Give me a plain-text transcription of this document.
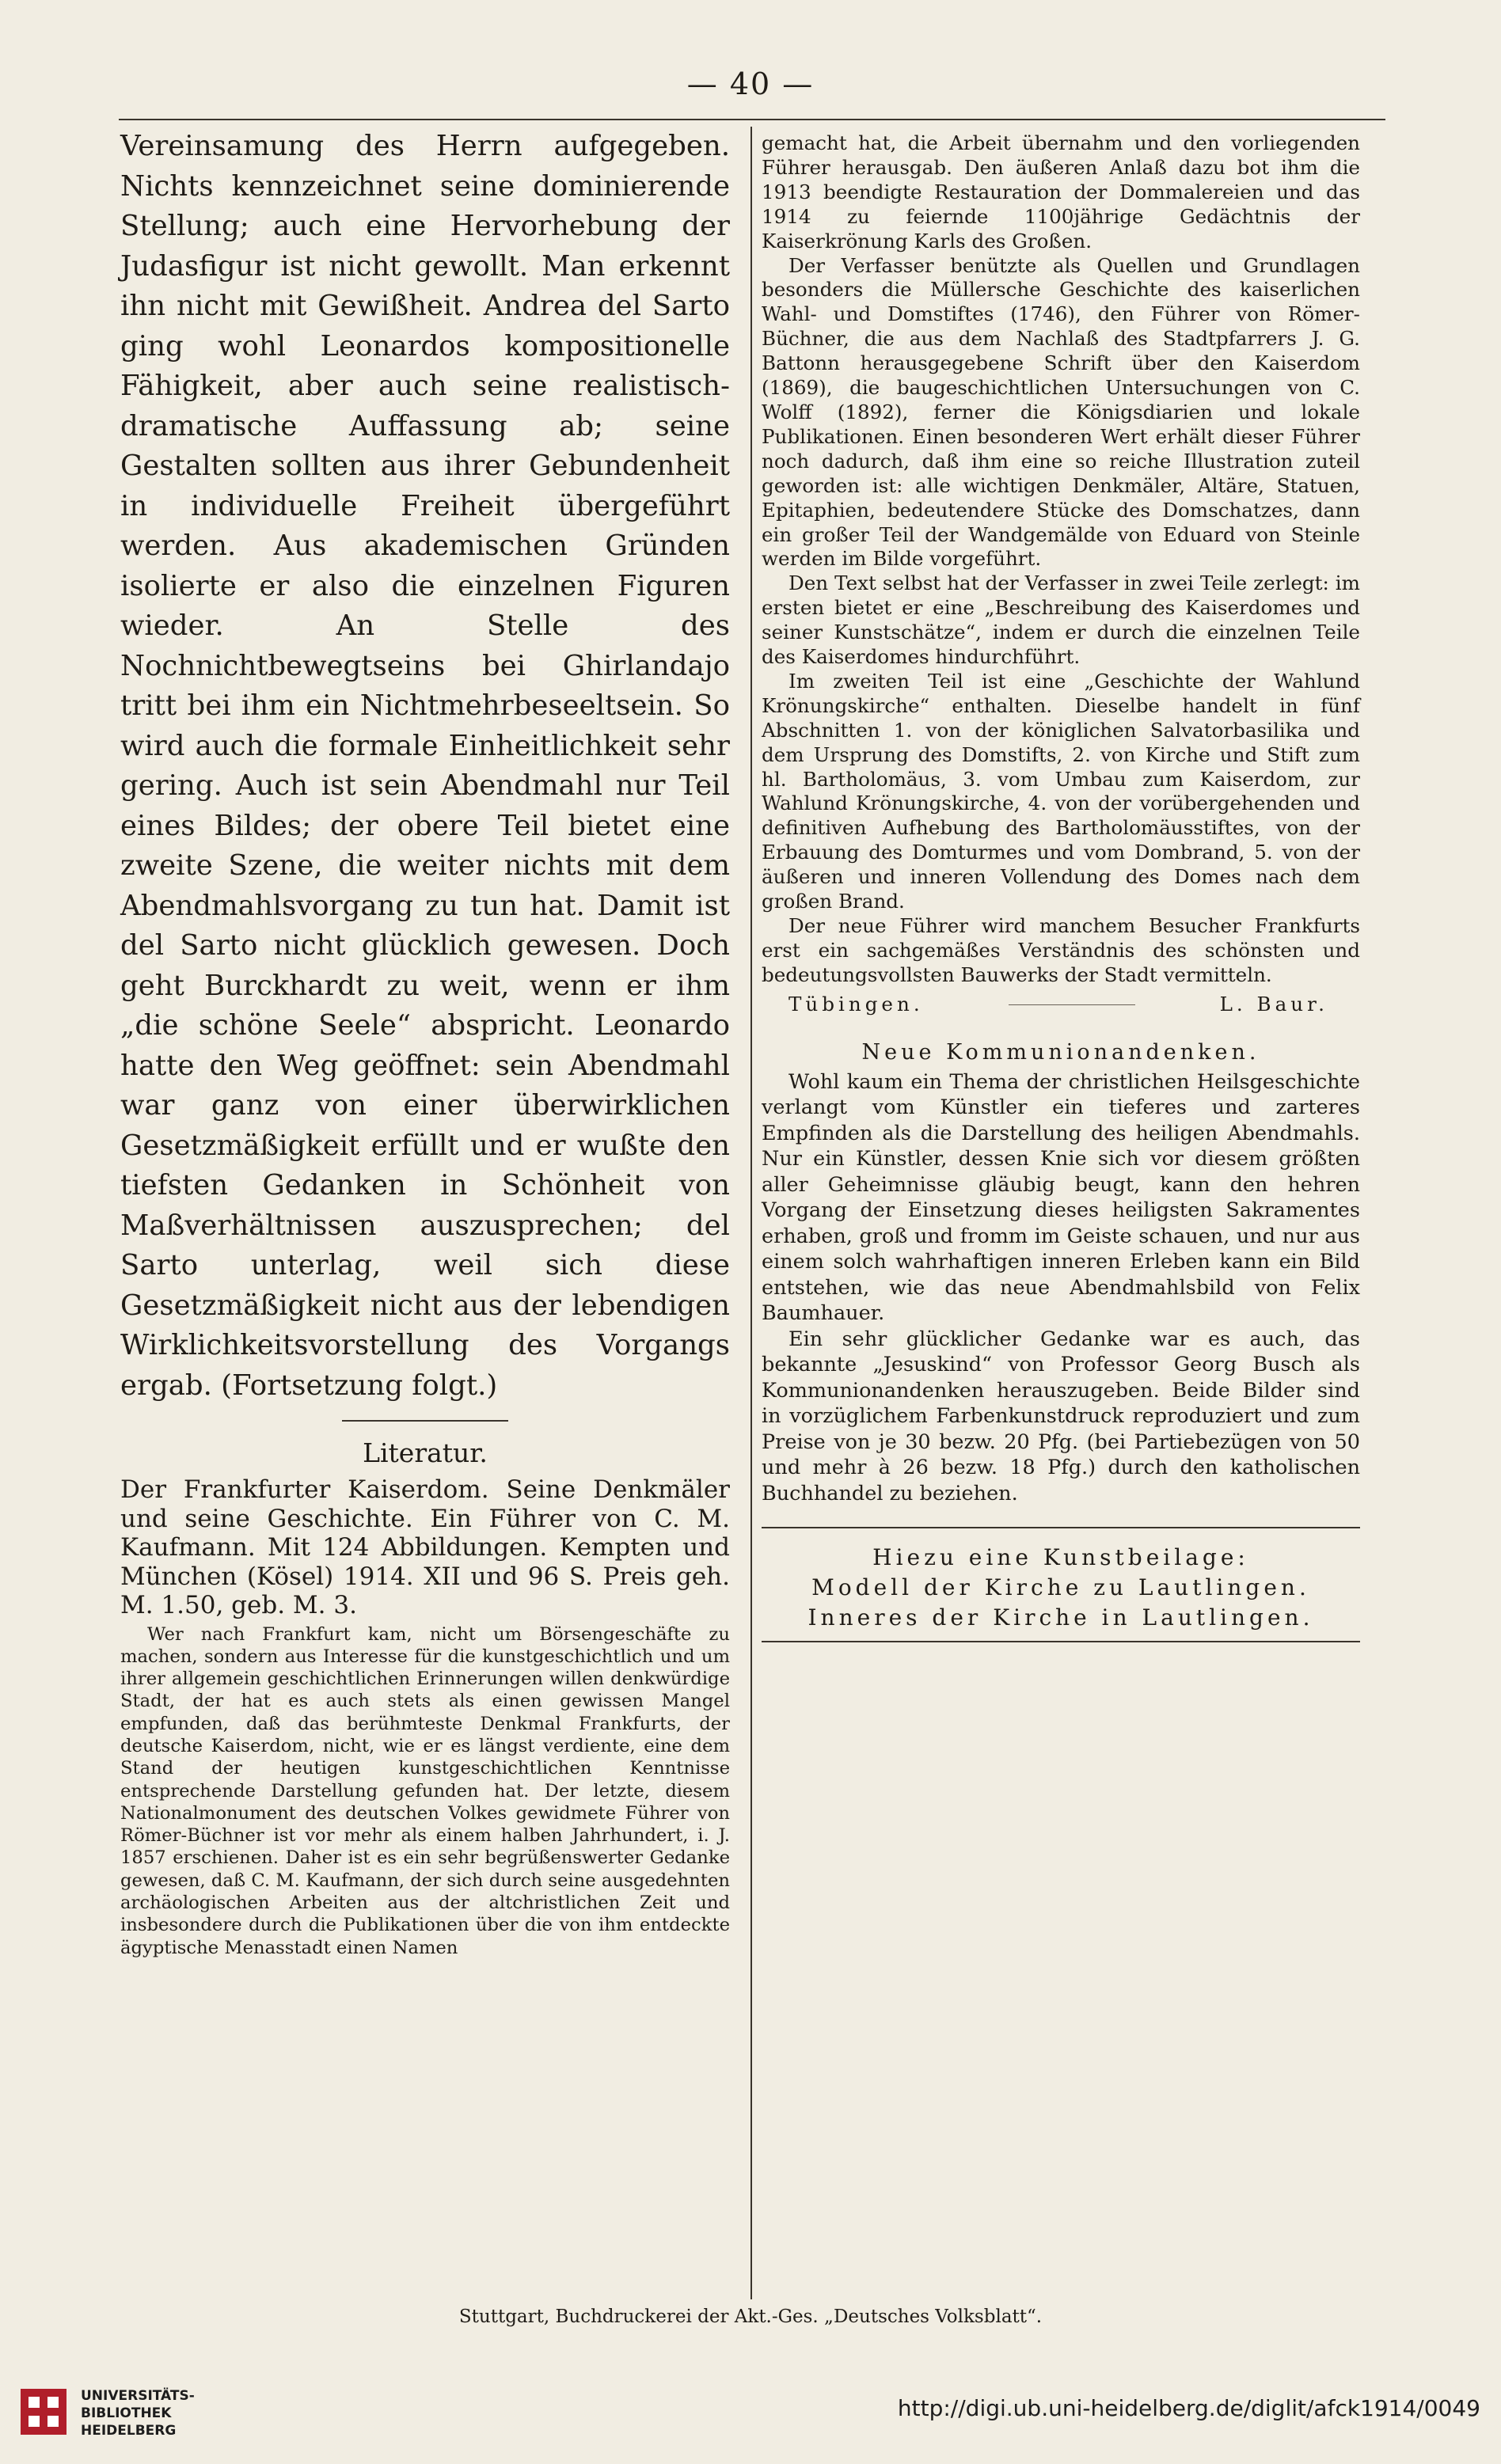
— 40 —

Vereinsamung des Herrn aufgegeben. Nichts kennzeichnet seine dominierende Stellung; auch eine Hervorhebung der Judasfigur ist nicht gewollt. Man erkennt ihn nicht mit Gewißheit. Andrea del Sarto ging wohl Leonardos kompositionelle Fähigkeit, aber auch seine realistisch-dramatische Auffassung ab; seine Gestalten sollten aus ihrer Gebundenheit in individuelle Freiheit übergeführt werden. Aus akademischen Gründen isolierte er also die einzelnen Figuren wieder. An Stelle des Nochnichtbewegtseins bei Ghirlandajo tritt bei ihm ein Nichtmehrbeseeltsein. So wird auch die formale Einheitlichkeit sehr gering. Auch ist sein Abendmahl nur Teil eines Bildes; der obere Teil bietet eine zweite Szene, die weiter nichts mit dem Abendmahlsvorgang zu tun hat. Damit ist del Sarto nicht glücklich gewesen. Doch geht Burckhardt zu weit, wenn er ihm „die schöne Seele“ abspricht. Leonardo hatte den Weg geöffnet: sein Abendmahl war ganz von einer überwirklichen Gesetzmäßigkeit erfüllt und er wußte den tiefsten Gedanken in Schönheit von Maßverhältnissen auszusprechen; del Sarto unterlag, weil sich diese Gesetzmäßigkeit nicht aus der lebendigen Wirklichkeitsvorstellung des Vorgangs ergab. (Fortsetzung folgt.)

Literatur.

Der Frankfurter Kaiserdom. Seine Denkmäler und seine Geschichte. Ein Führer von C. M. Kaufmann. Mit 124 Abbildungen. Kempten und München (Kösel) 1914. XII und 96 S. Preis geh. M. 1.50, geb. M. 3.

Wer nach Frankfurt kam, nicht um Börsengeschäfte zu machen, sondern aus Interesse für die kunstgeschichtlich und um ihrer allgemein geschichtlichen Erinnerungen willen denkwürdige Stadt, der hat es auch stets als einen gewissen Mangel empfunden, daß das berühmteste Denkmal Frankfurts, der deutsche Kaiserdom, nicht, wie er es längst verdiente, eine dem Stand der heutigen kunstgeschichtlichen Kenntnisse entsprechende Darstellung gefunden hat. Der letzte, diesem Nationalmonument des deutschen Volkes gewidmete Führer von Römer-Büchner ist vor mehr als einem halben Jahrhundert, i. J. 1857 erschienen. Daher ist es ein sehr begrüßenswerter Gedanke gewesen, daß C. M. Kaufmann, der sich durch seine ausgedehnten archäologischen Arbeiten aus der altchristlichen Zeit und insbesondere durch die Publikationen über die von ihm entdeckte ägyptische Menasstadt einen Namen

gemacht hat, die Arbeit übernahm und den vorliegenden Führer herausgab. Den äußeren Anlaß dazu bot ihm die 1913 beendigte Restauration der Dommalereien und das 1914 zu feiernde 1100jährige Gedächtnis der Kaiserkrönung Karls des Großen.

Der Verfasser benützte als Quellen und Grundlagen besonders die Müllersche Geschichte des kaiserlichen Wahl- und Domstiftes (1746), den Führer von Römer-Büchner, die aus dem Nachlaß des Stadtpfarrers J. G. Battonn herausgegebene Schrift über den Kaiserdom (1869), die baugeschichtlichen Untersuchungen von C. Wolff (1892), ferner die Königsdiarien und lokale Publikationen. Einen besonderen Wert erhält dieser Führer noch dadurch, daß ihm eine so reiche Illustration zuteil geworden ist: alle wichtigen Denkmäler, Altäre, Statuen, Epitaphien, bedeutendere Stücke des Domschatzes, dann ein großer Teil der Wandgemälde von Eduard von Steinle werden im Bilde vorgeführt.

Den Text selbst hat der Verfasser in zwei Teile zerlegt: im ersten bietet er eine „Beschreibung des Kaiserdomes und seiner Kunstschätze“, indem er durch die einzelnen Teile des Kaiserdomes hindurchführt.

Im zweiten Teil ist eine „Geschichte der Wahlund Krönungskirche“ enthalten. Dieselbe handelt in fünf Abschnitten 1. von der königlichen Salvatorbasilika und dem Ursprung des Domstifts, 2. von Kirche und Stift zum hl. Bartholomäus, 3. vom Umbau zum Kaiserdom, zur Wahlund Krönungskirche, 4. von der vorübergehenden und definitiven Aufhebung des Bartholomäusstiftes, von der Erbauung des Domturmes und vom Dombrand, 5. von der äußeren und inneren Vollendung des Domes nach dem großen Brand.

Der neue Führer wird manchem Besucher Frankfurts erst ein sachgemäßes Verständnis des schönsten und bedeutungsvollsten Bauwerks der Stadt vermitteln.

Tübingen.	L. Baur.
Neue Kommunionandenken.

Wohl kaum ein Thema der christlichen Heilsgeschichte verlangt vom Künstler ein tieferes und zarteres Empfinden als die Darstellung des heiligen Abendmahls. Nur ein Künstler, dessen Knie sich vor diesem größten aller Geheimnisse gläubig beugt, kann den hehren Vorgang der Einsetzung dieses heiligsten Sakramentes erhaben, groß und fromm im Geiste schauen, und nur aus einem solch wahrhaftigen inneren Erleben kann ein Bild entstehen, wie das neue Abendmahlsbild von Felix Baumhauer.

Ein sehr glücklicher Gedanke war es auch, das bekannte „Jesuskind“ von Professor Georg Busch als Kommunionandenken herauszugeben. Beide Bilder sind in vorzüglichem Farbenkunstdruck reproduziert und zum Preise von je 30 bezw. 20 Pfg. (bei Partiebezügen von 50 und mehr à 26 bezw. 18 Pfg.) durch den katholischen Buchhandel zu beziehen.

Hiezu eine Kunstbeilage:
Modell der Kirche zu Lautlingen.
Inneres der Kirche in Lautlingen.
Stuttgart, Buchdruckerei der Akt.-Ges. „Deutsches Volksblatt“.
UNIVERSITÄTS-
BIBLIOTHEK
HEIDELBERG
http://digi.ub.uni-heidelberg.de/diglit/afck1914/0049
